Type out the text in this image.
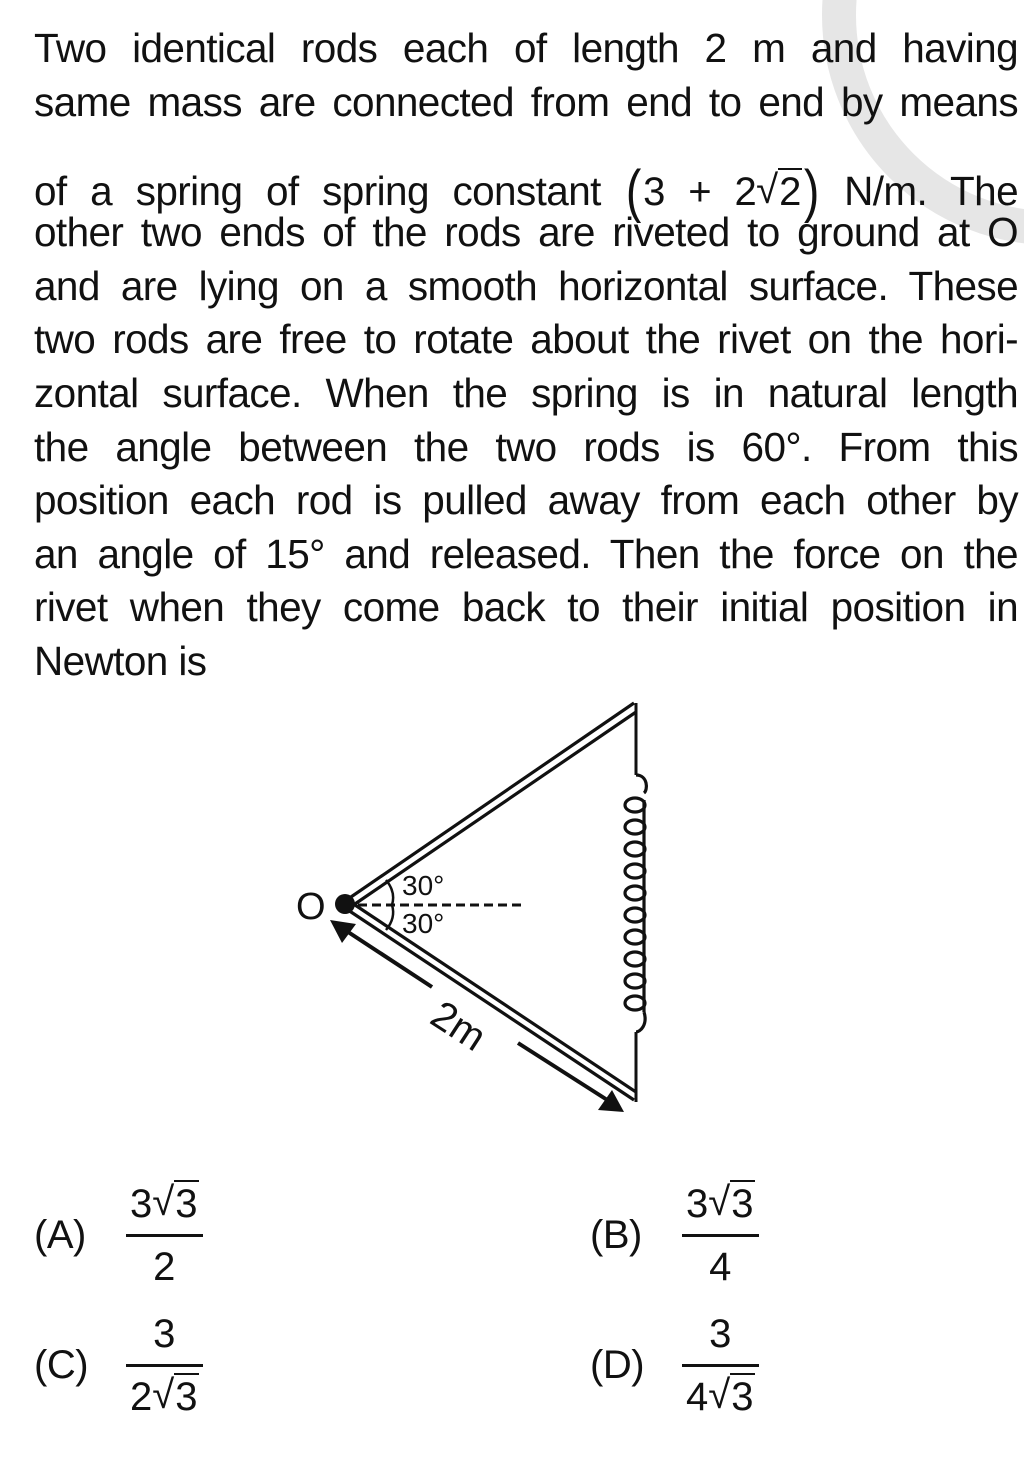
Two identical rods each of length 2 m and having
same mass are connected from end to end by means
of a spring of spring constant (3 + 2 √ 2) N/m. The
other two ends of the rods are riveted to ground at O
and are lying on a smooth horizontal surface. These
two rods are free to rotate about the rivet on the hori-
zontal surface. When the spring is in natural length
the angle between the two rods is 60°. From this
position each rod is pulled away from each other by
an angle of 15° and released. Then the force on the
rivet when they come back to their initial position in
Newton is
O
30°
30°
2m
(A)	$\frac{3 √ 3}{2}$	(B)	$\frac{3 √ 3}{4}$
$(C) \frac{3}{2 √ 3}$	$(D) \frac{3}{4 √ 3}$
